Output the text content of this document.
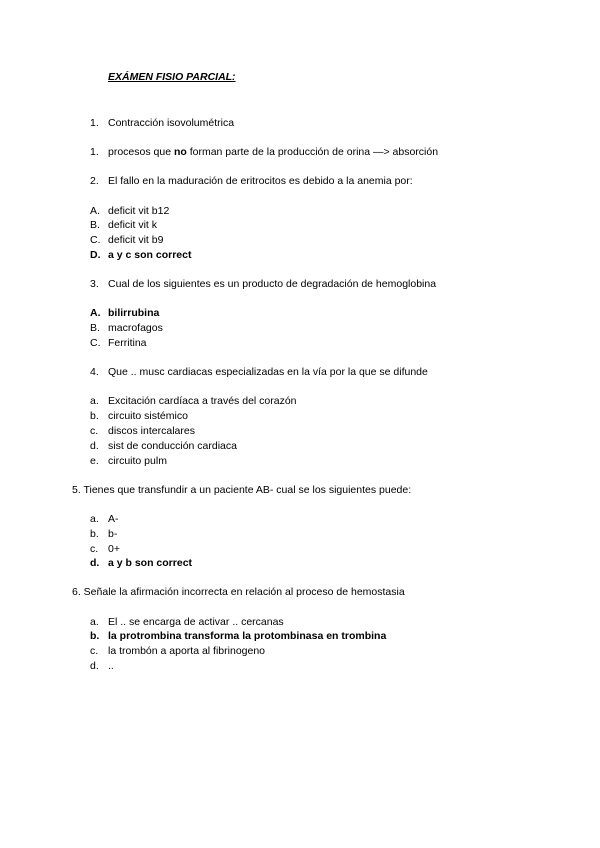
EXÁMEN FISIO PARCIAL:
1. Contracción isovolumétrica
1. procesos que no forman parte de la producción de orina —> absorción
2. El fallo en la maduración de eritrocitos es debido a la anemia por:
A. deficit vit b12
B. deficit vit k
C. deficit vit b9
D. a y c son correct
3. Cual de los siguientes es un producto de degradación de hemoglobina
A. bilirrubina
B. macrofagos
C. Ferritina
4. Que .. musc cardiacas especializadas en la vía por la que se difunde
a. Excitación cardíaca a través del corazón
b. circuito sistémico
c. discos intercalares
d. sist de conducción cardiaca
e. circuito pulm
5. Tienes que transfundir a un paciente AB- cual se los siguientes puede:
a. A-
b. b-
c. 0+
d. a y b son correct
6. Señale la afirmación incorrecta en relación al proceso de hemostasia
a. El .. se encarga de activar .. cercanas
b. la protrombina transforma la protombinasa en trombina
c. la trombón a aporta al fibrinogeno
d. ..
